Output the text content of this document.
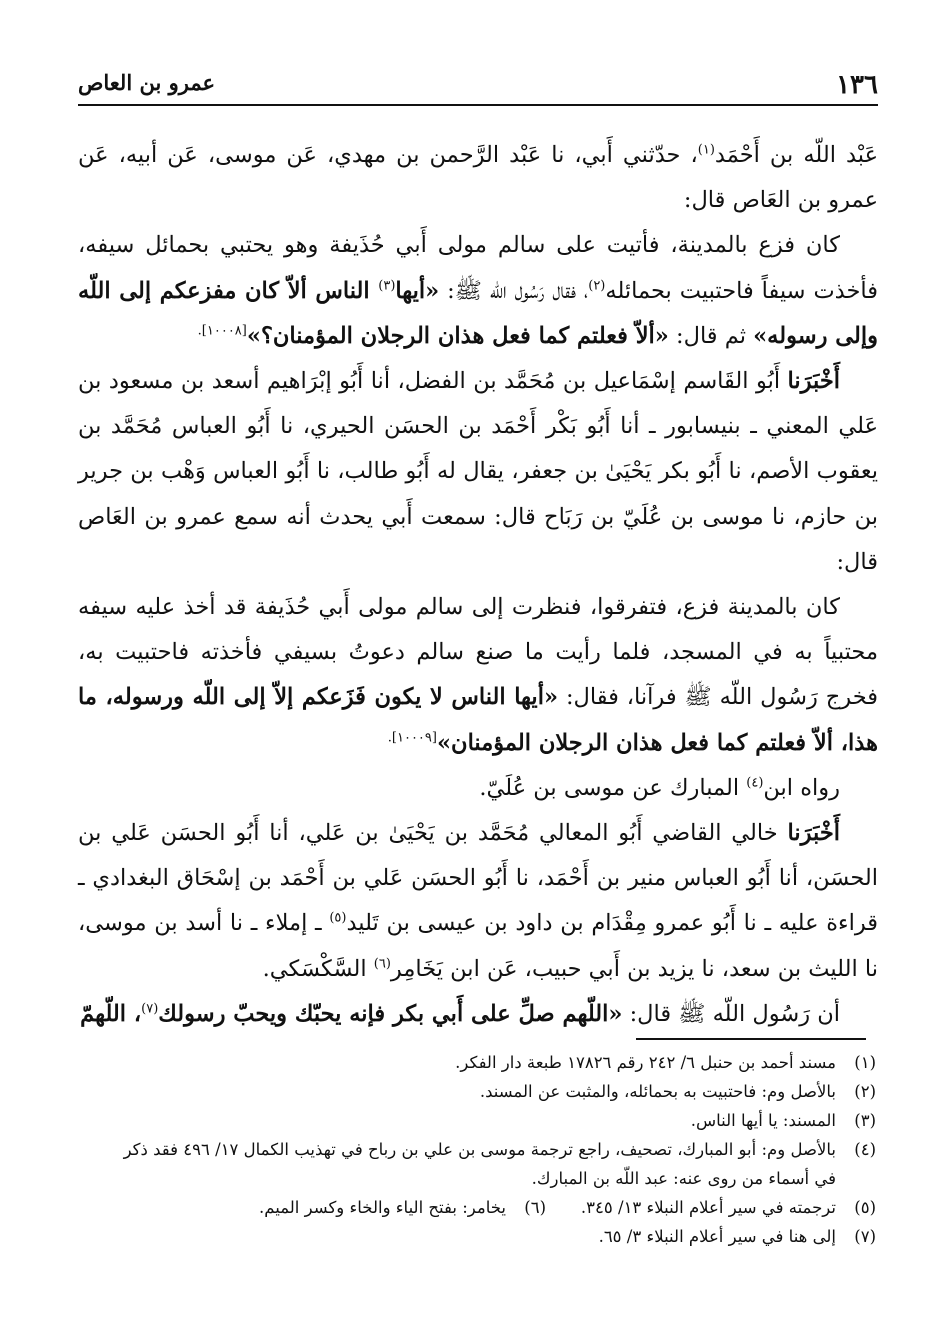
١٣٦
عمرو بن العاص

عَبْد اللّه بن أَحْمَد$^{(١)}$، حدّثني أَبي، نا عَبْد الرَّحمن بن مهدي، عَن موسى، عَن أبيه، عَن عمرو بن العَاص قال:

كان فزع بالمدينة، فأتيت على سالم مولى أَبي حُذَيفة وهو يحتبي بحمائل سيفه، فأخذت سيفاً فاحتبيت بحمائله$^{(٢)}$، فقال رَسُول اللّه ﷺ: «أيها$^{(٣)}$ الناس ألاّ كان مفزعكم إلى اللّه وإلى رسوله» ثم قال: «ألاّ فعلتم كما فعل هذان الرجلان المؤمنان؟»$^{[١٠٠٠٨].}$

أَخْبَرَنا أَبُو القَاسم إسْمَاعيل بن مُحَمَّد بن الفضل، أنا أَبُو إبْرَاهيم أسعد بن مسعود بن عَلي المعني ـ بنيسابور ـ أنا أَبُو بَكْر أَحْمَد بن الحسَن الحيري، نا أَبُو العباس مُحَمَّد بن يعقوب الأصم، نا أَبُو بكر يَحْيَىٰ بن جعفر، يقال له أَبُو طالب، نا أَبُو العباس وَهْب بن جرير بن حازم، نا موسى بن عُلَيّ بن رَبَاح قال: سمعت أَبي يحدث أنه سمع عمرو بن العَاص قال:

كان بالمدينة فزع، فتفرقوا، فنظرت إلى سالم مولى أَبي حُذَيفة قد أخذ عليه سيفه محتبياً به في المسجد، فلما رأيت ما صنع سالم دعوتُ بسيفي فأخذته فاحتبيت به، فخرج رَسُول اللّه ﷺ فرآنا، فقال: «أيها الناس لا يكون فَزَعكم إلاّ إلى اللّه ورسوله، ما هذا، ألاّ فعلتم كما فعل هذان الرجلان المؤمنان»$^{[١٠٠٠٩].}$

رواه ابن$^{(٤)}$ المبارك عن موسى بن عُلَيّ.

أَخْبَرَنا خالي القاضي أَبُو المعالي مُحَمَّد بن يَحْيَىٰ بن عَلي، أنا أَبُو الحسَن عَلي بن الحسَن، أنا أَبُو العباس منير بن أَحْمَد، نا أَبُو الحسَن عَلي بن أَحْمَد بن إسْحَاق البغدادي ـ قراءة عليه ـ نا أَبُو عمرو مِقْدَام بن داود بن عيسى بن تَليد$^{(٥)}$ ـ إملاء ـ نا أسد بن موسى، نا الليث بن سعد، نا يزيد بن أَبي حبيب، عَن ابن يَخَامِر$^{(٦)}$ السَّكْسَكي.

أن رَسُول اللّه ﷺ قال: «اللّهم صلِّ على أَبي بكر فإنه يحبّك ويحبّ رسولك$^{(٧)}$، اللّهمّ

(١)مسند أحمد بن حنبل ٦/ ٢٤٢ رقم ١٧٨٢٦ طبعة دار الفكر.

(٢)بالأصل وم: فاحتبيت به بحمائله، والمثبت عن المسند.

(٣)المسند: يا أيها الناس.

(٤)بالأصل وم: أبو المبارك، تصحيف، راجع ترجمة موسى بن علي بن رباح في تهذيب الكمال ١٧/ ٤٩٦ فقد ذكر

في أسماء من روى عنه: عبد اللّه بن المبارك.

(٥)ترجمته في سير أعلام النبلاء ١٣/ ٣٤٥.

(٦)يخامر: بفتح الياء والخاء وكسر الميم.

(٧)إلى هنا في سير أعلام النبلاء ٣/ ٦٥.
